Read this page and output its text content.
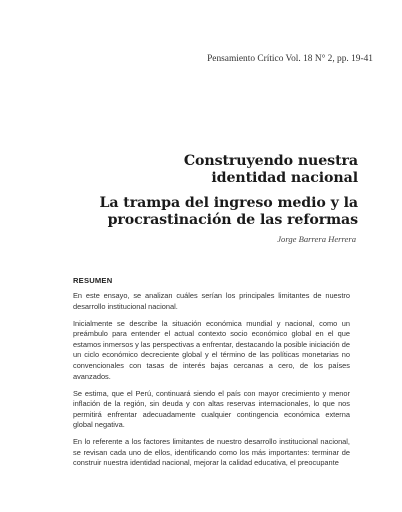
Pensamiento Crítico Vol. 18 N° 2, pp. 19-41
Construyendo nuestra
identidad nacional
La trampa del ingreso medio y la
procrastinación de las reformas
Jorge Barrera Herrera
RESUMEN

En este ensayo, se analizan cuáles serían los principales limitantes de nuestro desarrollo institucional nacional.

Inicialmente se describe la situación económica mundial y nacional, como un preámbulo para entender el actual contexto socio económico global en el que estamos inmersos y las perspectivas a enfrentar, destacando la posible iniciación de un ciclo económico decreciente global y el término de las políticas monetarias no convencionales con tasas de interés bajas cercanas a cero, de los países avanzados.

Se estima, que el Perú, continuará siendo el país con mayor crecimiento y menor inflación de la región, sin deuda y con altas reservas internacionales, lo que nos permitirá enfrentar adecuadamente cualquier contingencia económica externa global negativa.

En lo referente a los factores limitantes de nuestro desarrollo institucional nacional, se revisan cada uno de ellos, identificando como los más importantes: terminar de construir nuestra identidad nacional, mejorar la calidad educativa, el preocupante
